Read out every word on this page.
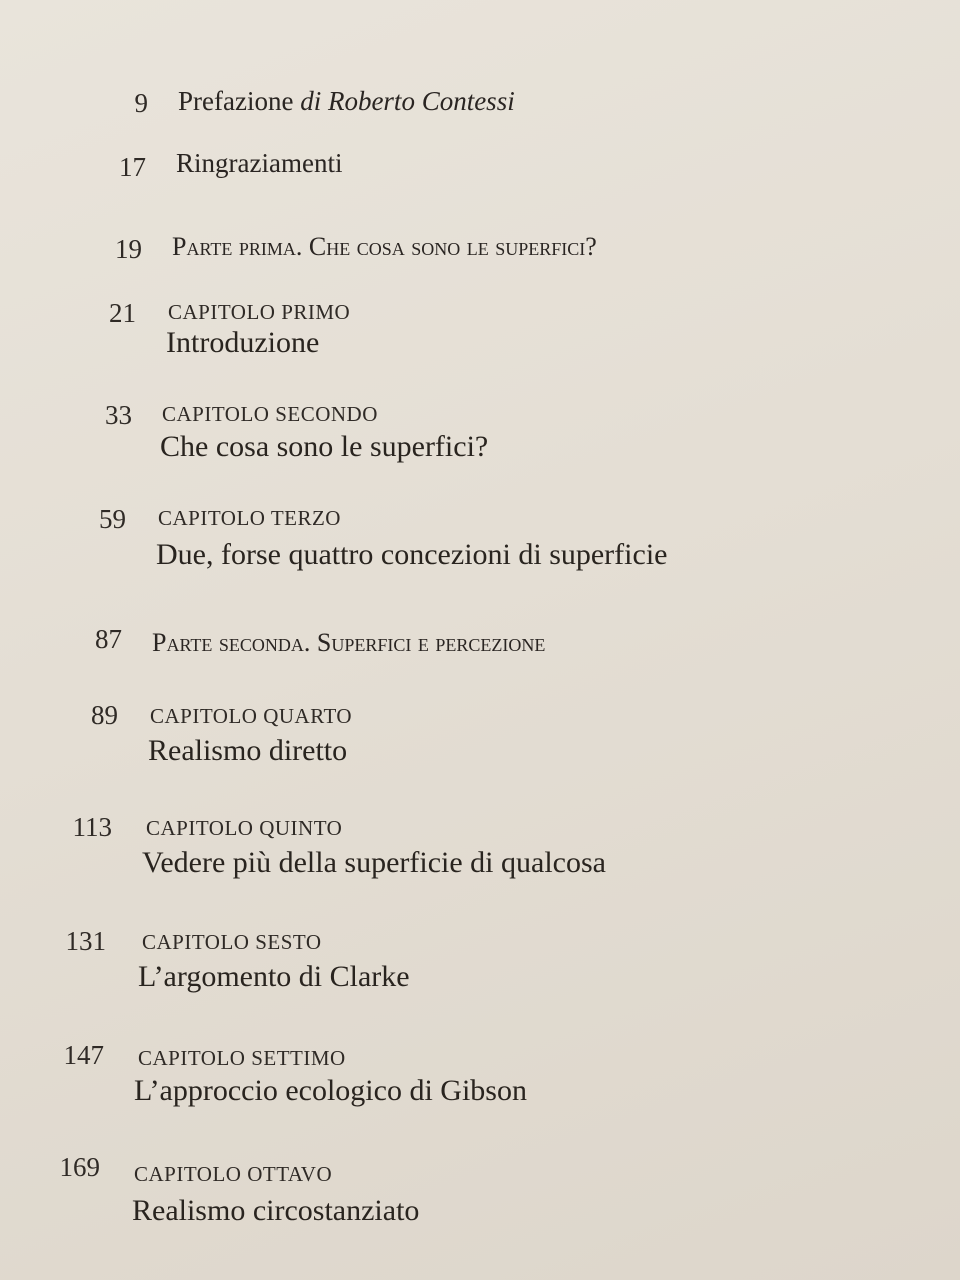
9 Prefazione di Roberto Contessi
17 Ringraziamenti
19 Parte prima. Che cosa sono le superfici?
21 CAPITOLO PRIMO
Introduzione
33 CAPITOLO SECONDO
Che cosa sono le superfici?
59 CAPITOLO TERZO
Due, forse quattro concezioni di superficie
87 Parte seconda. Superfici e percezione
89 CAPITOLO QUARTO
Realismo diretto
113 CAPITOLO QUINTO
Vedere più della superficie di qualcosa
131 CAPITOLO SESTO
L’argomento di Clarke
147 CAPITOLO SETTIMO
L’approccio ecologico di Gibson
169 CAPITOLO OTTAVO
Realismo circostanziato
